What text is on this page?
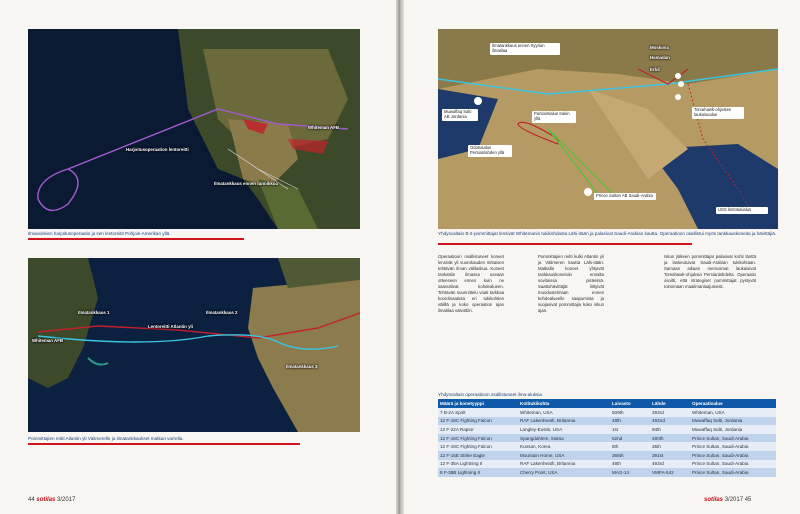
Whiteman AFB
Harjoitusoperaation lentoreitti
Ilmatankkaus ennen rannikkoa
Ilmavoimien harjoitusoperaatio ja sen lentoreitit Pohjois-Amerikan yllä.
Whiteman AFB
Ilmatankkaus 1
Lentoreitti Atlantin yli
Ilmatankkaus 2
Ilmatankkaus 3
Pommittajien reitti Atlantin yli Välimerelle ja ilmatankkaukset matkan varrella.
44 sotilas 3/2017
Ilmatankkaus ennen Syyrian ilmatilaa
Moskova
Hamadan
Erbil
Muwaffaq Salti AB Jordania
Partiointialue Irakin yllä
Odotusalue Persianlahden yllä
Tomahawk-ohjusten laukaisualue
Prince Sultan AB Saudi-Arabia
USS lentotukialus
Yhdysvaltain B-2-pommittajat lensivät Whitemanin tukikohdasta Lähi-itään ja palasivat Saudi-Arabian kautta. Operaatioon osallistui myös tankkauskoneita ja hävittäjiä.
Operaatioon osallistuneet koneet lensivät yli vuorokauden mittaisen tehtävän ilman välilaskua. Koneet tankattiin ilmassa useaan otteeseen ennen kuin ne saavuttivat kohdealueen. Tehtävän suunnittelu vaati tarkkaa koordinaatiota eri tukikohtien välillä ja koko operaation ajan ilmatilaa valvottiin.
Pommittajien reitti kulki Atlantin yli ja Välimeren kautta Lähi-itään. Matkalla koneet yhtyivät tankkauskoneisiin ennalta sovituissa pisteissä. Saattohävittäjät liittyivät muodostelmaan ennen kohdealueelle saapumista ja suojasivat pommittajia koko iskun ajan.
Iskun jälkeen pommittajat palasivat kohti länttä ja laskeutuivat Saudi-Arabian tukikohtaan. Samaan aikaan merivoimat laukaisivat Tomahawk-ohjuksia Persianlahdelta. Operaatio osoitti, että strategiset pommittajat pystyvät toimimaan maailmanlaajuisesti.
sotilas 3/2017 45
Yhdysvaltain operaatioon osallistuneet ilma-aluksia
Määrä ja konetyyppi	Kotitukikohta	Laivasto	Lähde	Operaatioalue
7 B-2A Spirit	Whiteman, USA	509th	393rd	Whiteman, USA
12 F-16C Fighting Falcon	RAF Lakenheath, Britannia	48th	492nd	Muwaffaq Salti, Jordania
12 F-22A Raptor	Langley-Eustis, USA	1st	94th	Muwaffaq Salti, Jordania
12 F-16C Fighting Falcon	Spangdahlem, Saksa	52nd	480th	Prince Sultan, Saudi-Arabia
12 F-16C Fighting Falcon	Kunsan, Korea	8th	35th	Prince Sultan, Saudi-Arabia
12 F-15E Strike Eagle	Mountain Home, USA	366th	391st	Prince Sultan, Saudi-Arabia
12 F-35A Lightning II	RAF Lakenheath, Britannia	48th	493rd	Prince Sultan, Saudi-Arabia
8 F-35B Lightning II	Cherry Point, USA	MAG-14	VMFA-542	Prince Sultan, Saudi-Arabia
